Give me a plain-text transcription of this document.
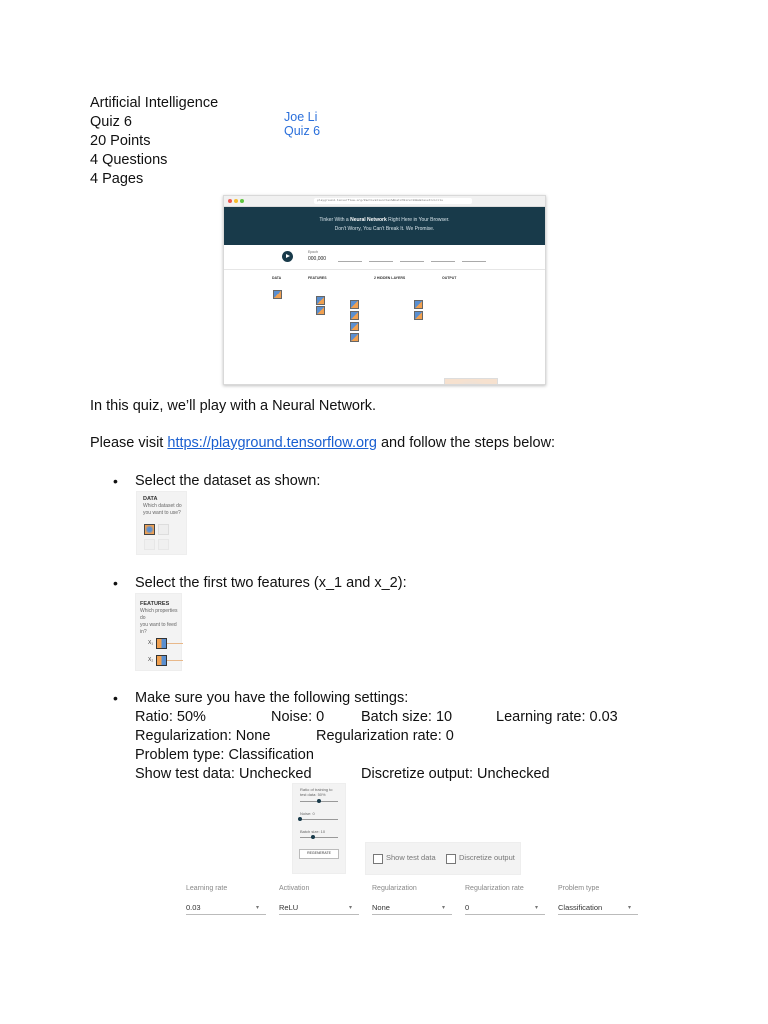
Artificial Intelligence
Quiz 6
20 Points
4 Questions
4 Pages
Joe Li
Quiz 6
playground.tensorflow.org/#activation=tanh&batchSize=10&dataset=circle
Tinker With a Neural Network Right Here in Your Browser.
Don't Worry, You Can't Break It. We Promise.
Epoch
000,000
DATA	FEATURES	2 HIDDEN LAYERS	OUTPUT
In this quiz, we’ll play with a Neural Network.
Please visit https://playground.tensorflow.org and follow the steps below:
• Select the dataset as shown:
DATA
Which dataset do
you want to use?
• Select the first two features (x_1 and x_2):
FEATURES
Which properties do
you want to feed in?
X₁
X₂
• Make sure you have the following settings:
Ratio: 50%	Noise: 0	Batch size: 10	Learning rate: 0.03
Regularization: None	Regularization rate: 0
Problem type: Classification
Show test data: Unchecked	Discretize output: Unchecked
Ratio of training to
test data: 50%
Noise: 0
Batch size: 10
REGENERATE	Show test data	Discretize output
Learning rate
0.03	▾
Activation
ReLU	▾
Regularization
None	▾
Regularization rate
0	▾
Problem type
Classification	▾
